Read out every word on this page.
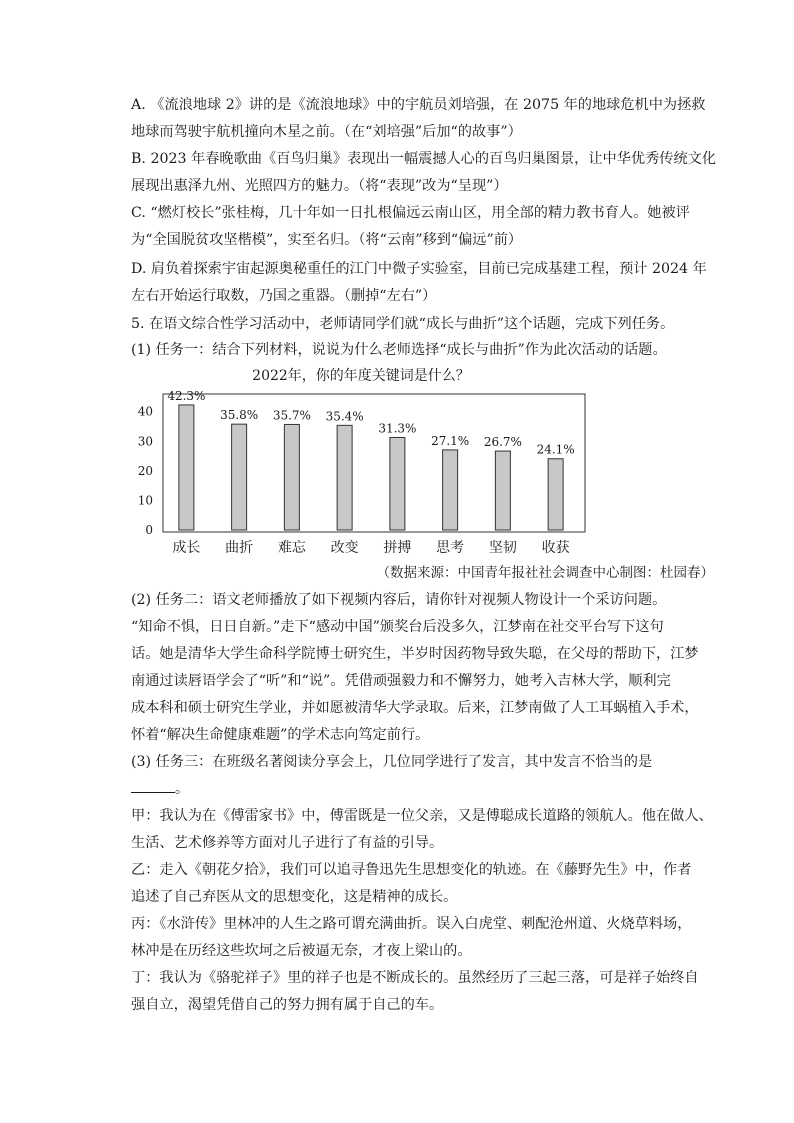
A. 《流浪地球 2》讲的是《流浪地球》中的宇航员刘培强，在 2075 年的地球危机中为拯救
地球而驾驶宇航机撞向木星之前。（在“刘培强”后加“的故事”）
B. 2023 年春晚歌曲《百鸟归巢》表现出一幅震撼人心的百鸟归巢图景，让中华优秀传统文化
展现出惠泽九州、光照四方的魅力。（将“表现”改为“呈现”）
C. “燃灯校长”张桂梅，几十年如一日扎根偏远云南山区，用全部的精力教书育人。她被评
为“全国脱贫攻坚楷模”，实至名归。（将“云南”移到“偏远”前）
D. 肩负着探索宇宙起源奥秘重任的江门中微子实验室，目前已完成基建工程，预计 2024 年
左右开始运行取数，乃国之重器。（删掉“左右”）
5. 在语文综合性学习活动中，老师请同学们就“成长与曲折”这个话题，完成下列任务。
(1) 任务一：结合下列材料，说说为什么老师选择“成长与曲折”作为此次活动的话题。
2022年，你的年度关键词是什么？
0
10
20
30
40
42.3%
成长
35.8%
曲折
35.7%
难忘
35.4%
改变
31.3%
拼搏
27.1%
思考
26.7%
坚韧
24.1%
收获
（数据来源：中国青年报社社会调查中心制图：杜园春）
(2) 任务二：语文老师播放了如下视频内容后，请你针对视频人物设计一个采访问题。
“知命不惧，日日自新。”走下“感动中国”颁奖台后没多久，江梦南在社交平台写下这句
话。她是清华大学生命科学院博士研究生，半岁时因药物导致失聪，在父母的帮助下，江梦
南通过读唇语学会了“听”和“说”。凭借顽强毅力和不懈努力，她考入吉林大学，顺利完
成本科和硕士研究生学业，并如愿被清华大学录取。后来，江梦南做了人工耳蜗植入手术，
怀着“解决生命健康难题”的学术志向笃定前行。
(3) 任务三：在班级名著阅读分享会上，几位同学进行了发言，其中发言不恰当的是
。
甲：我认为在《傅雷家书》中，傅雷既是一位父亲，又是傅聪成长道路的领航人。他在做人、
生活、艺术修养等方面对儿子进行了有益的引导。
乙：走入《朝花夕拾》，我们可以追寻鲁迅先生思想变化的轨迹。在《藤野先生》中，作者
追述了自己弃医从文的思想变化，这是精神的成长。
丙：《水浒传》里林冲的人生之路可谓充满曲折。误入白虎堂、刺配沧州道、火烧草料场，
林冲是在历经这些坎坷之后被逼无奈，才夜上梁山的。
丁：我认为《骆驼祥子》里的祥子也是不断成长的。虽然经历了三起三落，可是祥子始终自
强自立，渴望凭借自己的努力拥有属于自己的车。
